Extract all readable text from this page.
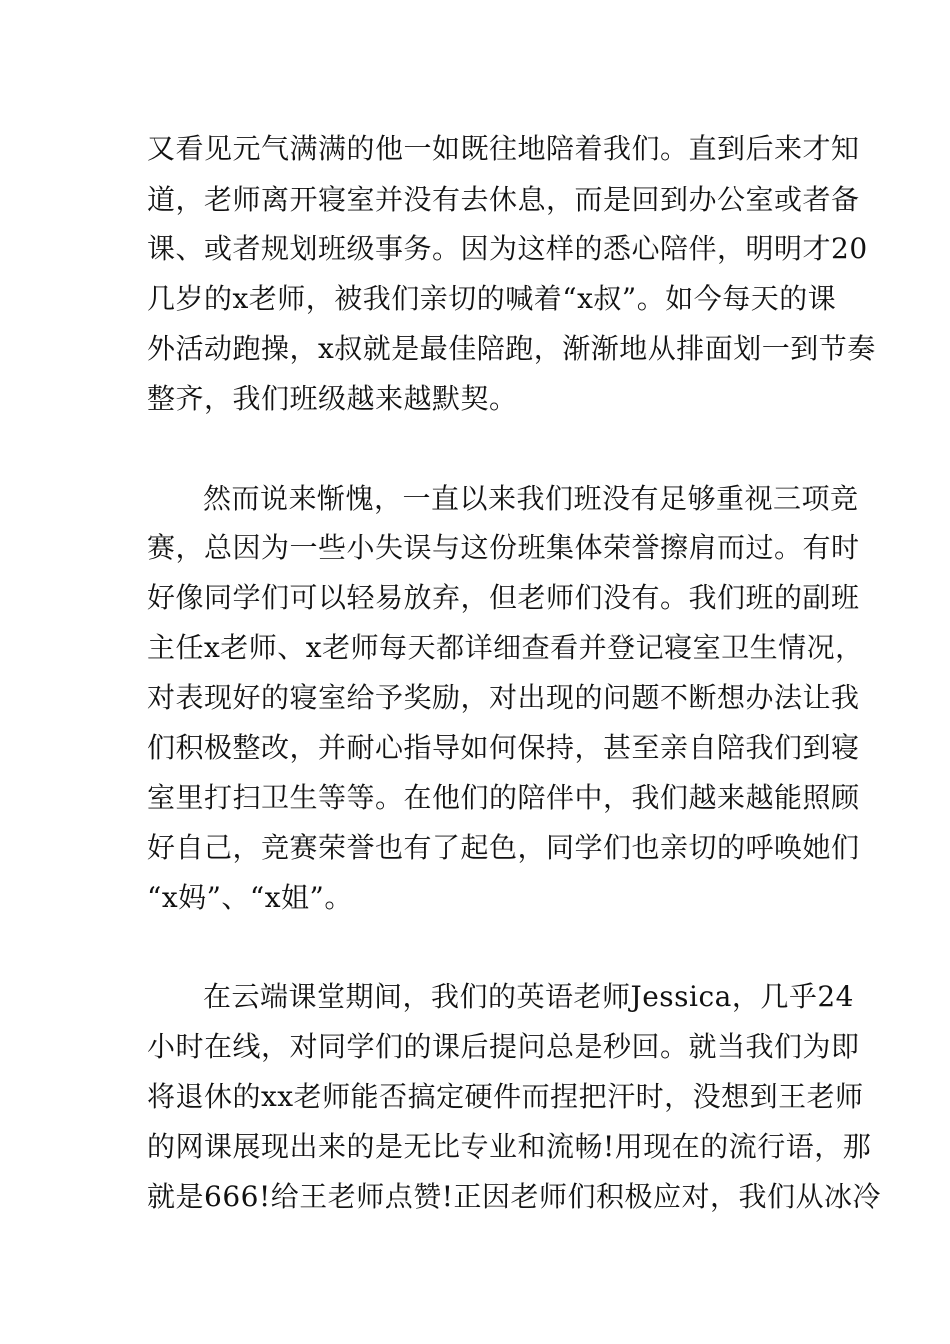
又看见元气满满的他一如既往地陪着我们。直到后来才知

道，老师离开寝室并没有去休息，而是回到办公室或者备

课、或者规划班级事务。因为这样的悉心陪伴，明明才20

几岁的x老师，被我们亲切的喊着“x叔”。如今每天的课

外活动跑操，x叔就是最佳陪跑，渐渐地从排面划一到节奏

整齐，我们班级越来越默契。

然而说来惭愧，一直以来我们班没有足够重视三项竞

赛，总因为一些小失误与这份班集体荣誉擦肩而过。有时

好像同学们可以轻易放弃，但老师们没有。我们班的副班

主任x老师、x老师每天都详细查看并登记寝室卫生情况，

对表现好的寝室给予奖励，对出现的问题不断想办法让我

们积极整改，并耐心指导如何保持，甚至亲自陪我们到寝

室里打扫卫生等等。在他们的陪伴中，我们越来越能照顾

好自己，竞赛荣誉也有了起色，同学们也亲切的呼唤她们

“x妈”、“x姐”。

在云端课堂期间，我们的英语老师Jessica，几乎24

小时在线，对同学们的课后提问总是秒回。就当我们为即

将退休的xx老师能否搞定硬件而捏把汗时，没想到王老师

的网课展现出来的是无比专业和流畅!用现在的流行语，那

就是666!给王老师点赞!正因老师们积极应对，我们从冰冷
